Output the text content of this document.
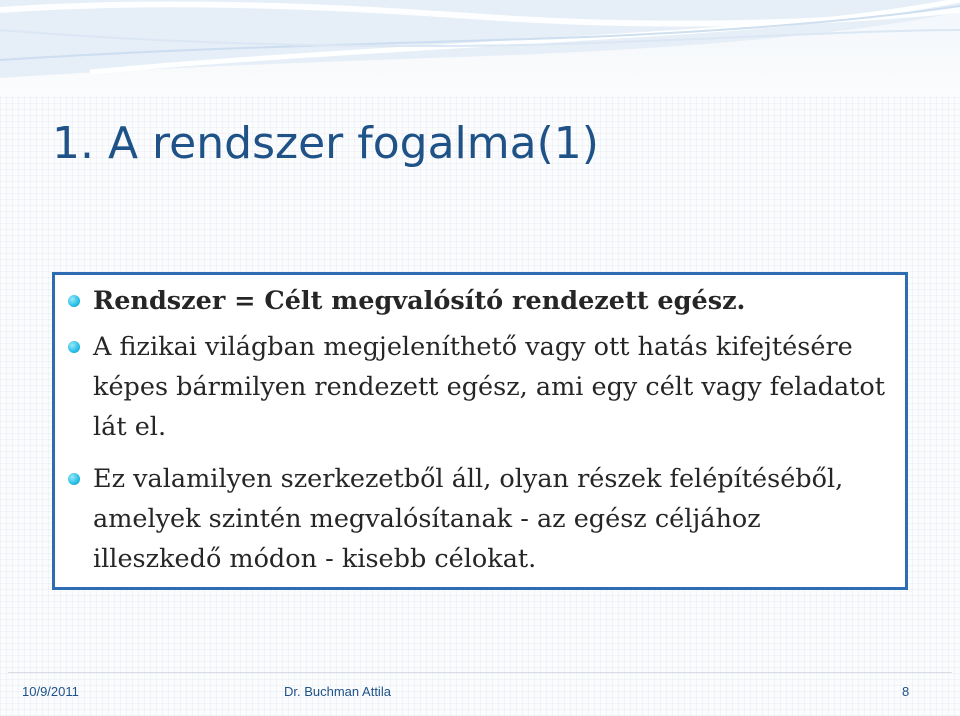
1. A rendszer fogalma(1)
Rendszer = Célt megvalósító rendezett egész.
A fizikai világban megjeleníthető vagy ott hatás kifejtésére képes bármilyen rendezett egész, ami egy célt vagy feladatot lát el.
Ez valamilyen szerkezetből áll, olyan részek felépítéséből, amelyek szintén megvalósítanak - az egész céljához illeszkedő módon - kisebb célokat.
10/9/2011	Dr. Buchman Attila	8
